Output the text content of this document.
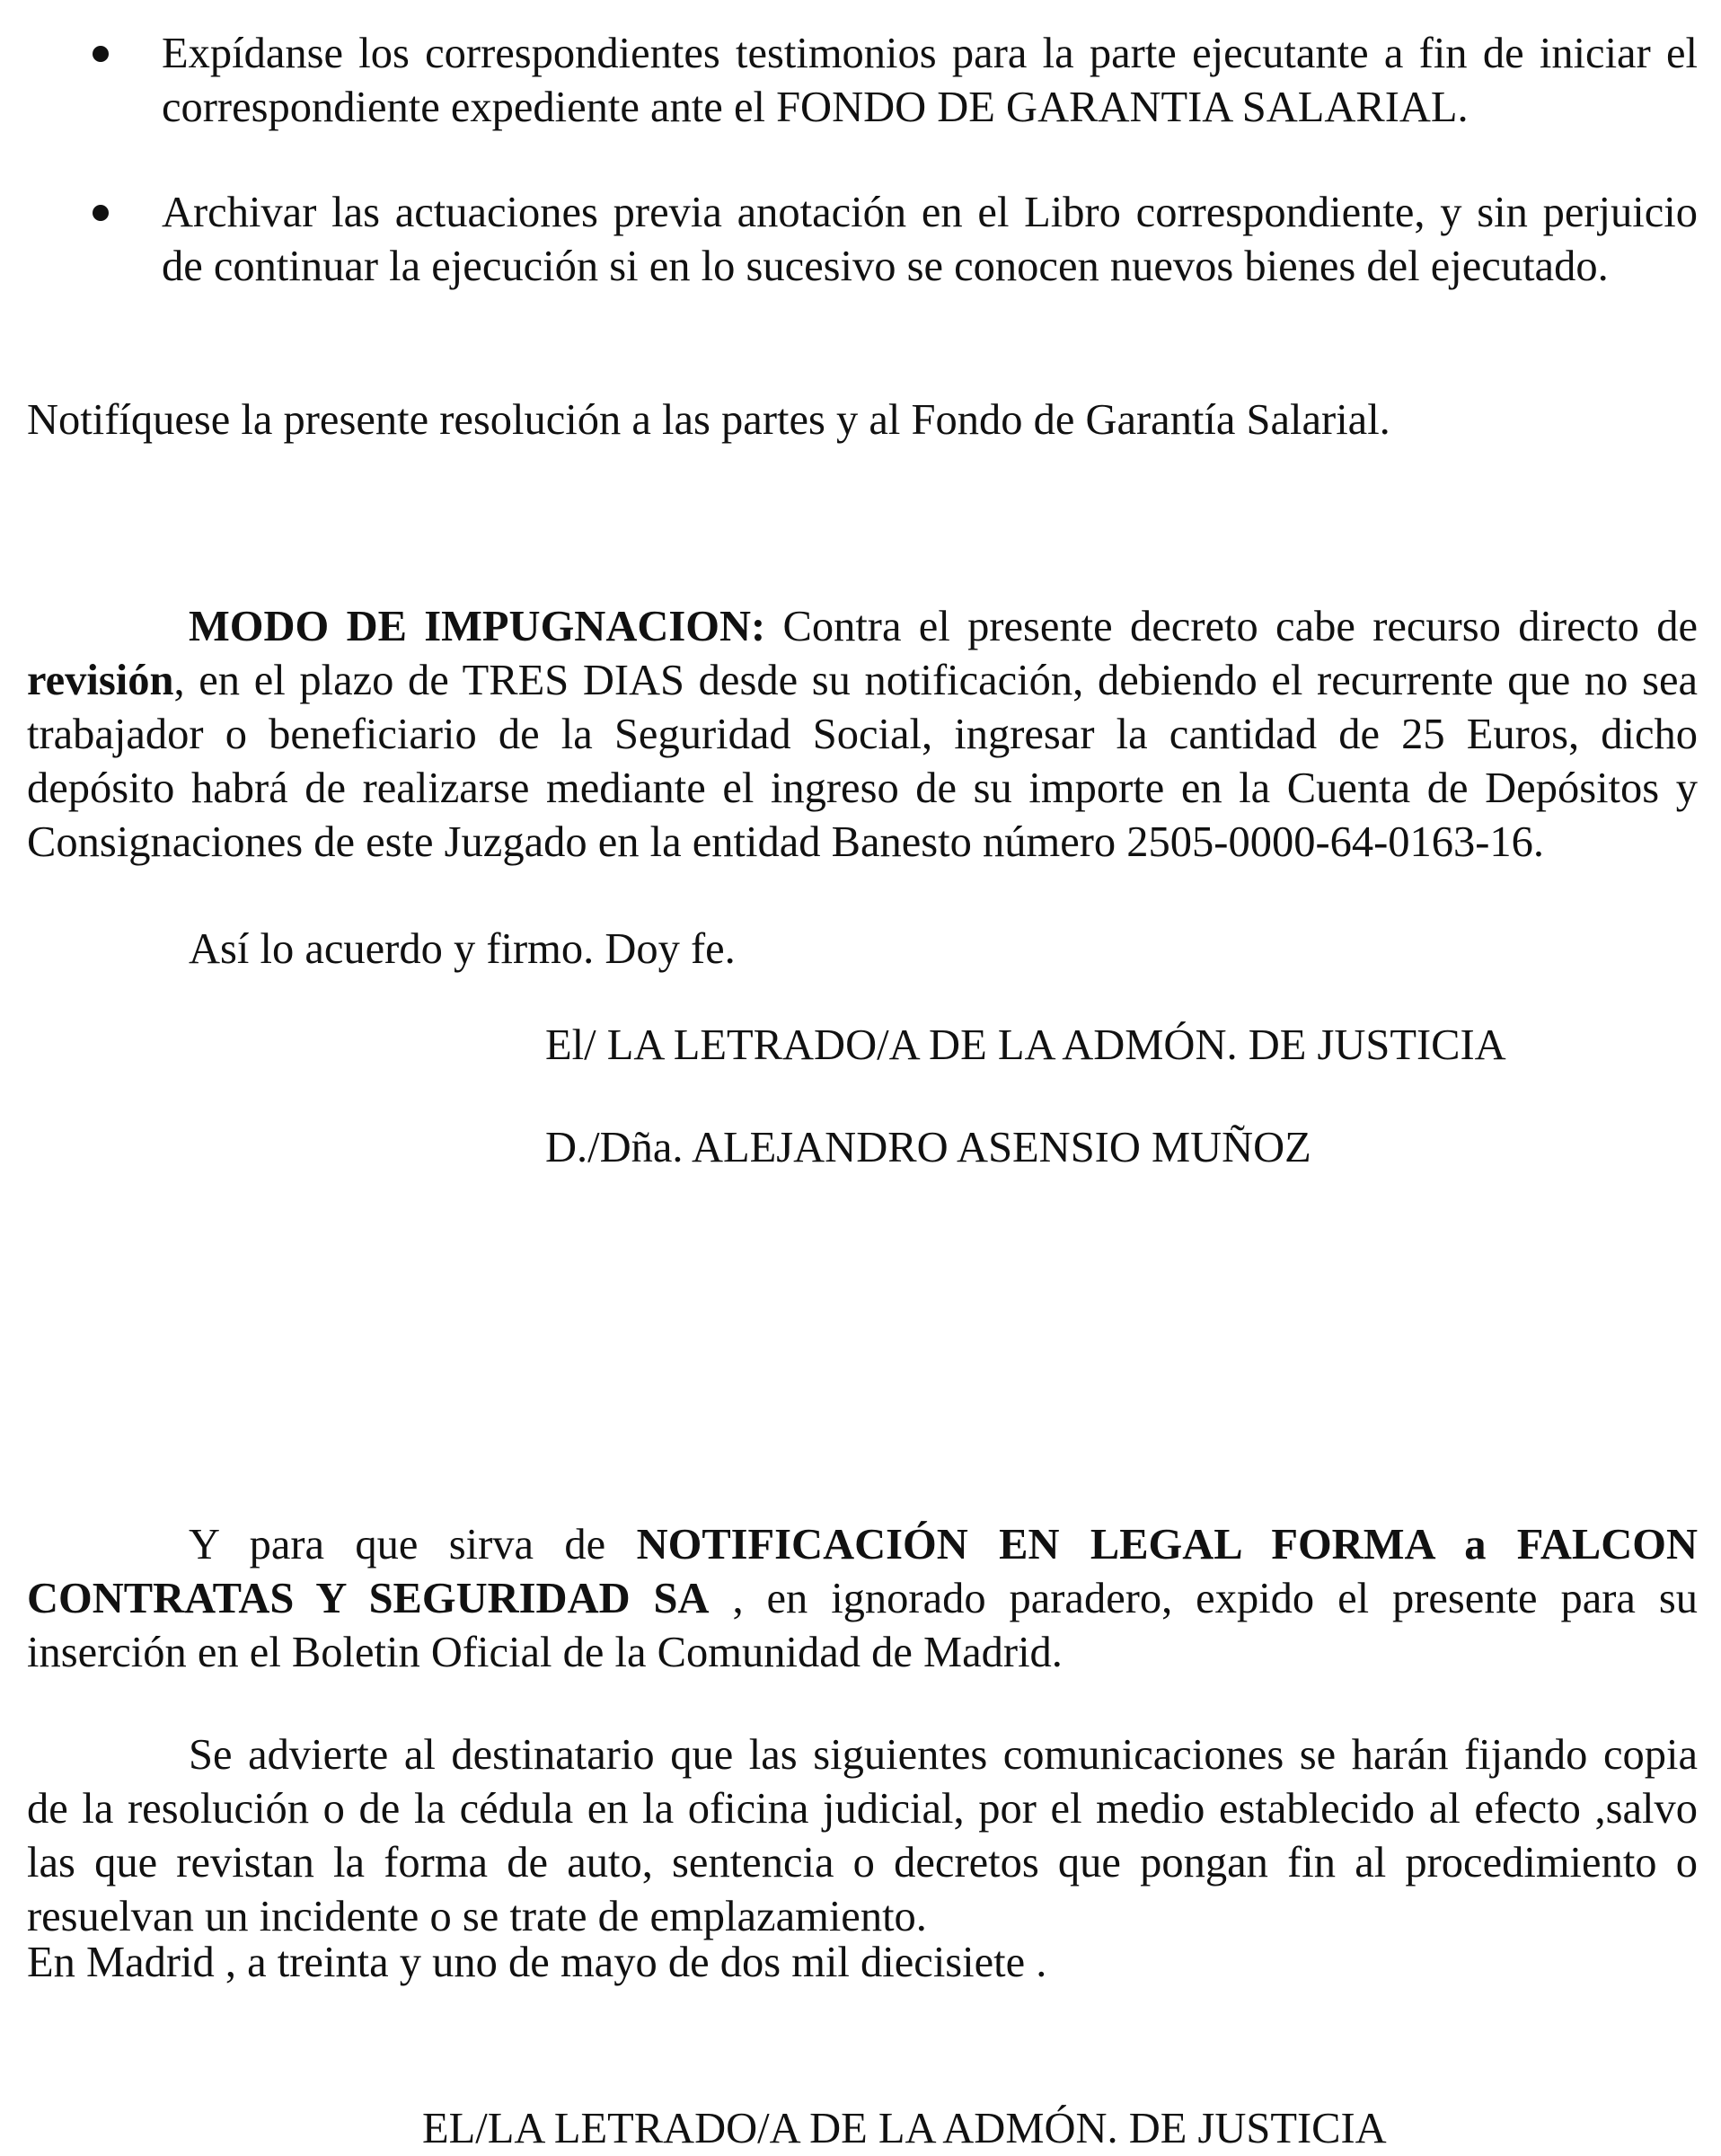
Expídanse los correspondientes testimonios para la parte ejecutante a fin de iniciar el
correspondiente expediente ante el FONDO DE GARANTIA SALARIAL.
Archivar las actuaciones previa anotación en el Libro correspondiente, y sin perjuicio
de continuar la ejecución si en lo sucesivo se conocen nuevos bienes del ejecutado.
Notifíquese la presente resolución a las partes y al Fondo de Garantía Salarial.
MODO DE IMPUGNACION: Contra el presente decreto cabe recurso directo de
revisión, en el plazo de TRES DIAS desde su notificación, debiendo el recurrente que no sea
trabajador o beneficiario de la Seguridad Social, ingresar la cantidad de 25 Euros, dicho
depósito habrá de realizarse mediante el ingreso de su importe en la Cuenta de Depósitos y
Consignaciones de este Juzgado en la entidad Banesto número 2505-0000-64-0163-16.
Así lo acuerdo y firmo. Doy fe.
El/ LA LETRADO/A DE LA ADMÓN. DE JUSTICIA
D./Dña. ALEJANDRO ASENSIO MUÑOZ
Y para que sirva de NOTIFICACIÓN EN LEGAL FORMA a FALCON
CONTRATAS Y SEGURIDAD SA , en ignorado paradero, expido el presente para su
inserción en el Boletin Oficial de la Comunidad de Madrid.
Se advierte al destinatario que las siguientes comunicaciones se harán fijando copia
de la resolución o de la cédula en la oficina judicial, por el medio establecido al efecto ,salvo
las que revistan la forma de auto, sentencia o decretos que pongan fin al procedimiento o
resuelvan un incidente o se trate de emplazamiento.
En Madrid , a treinta y uno de mayo de dos mil diecisiete .
EL/LA LETRADO/A DE LA ADMÓN. DE JUSTICIA
